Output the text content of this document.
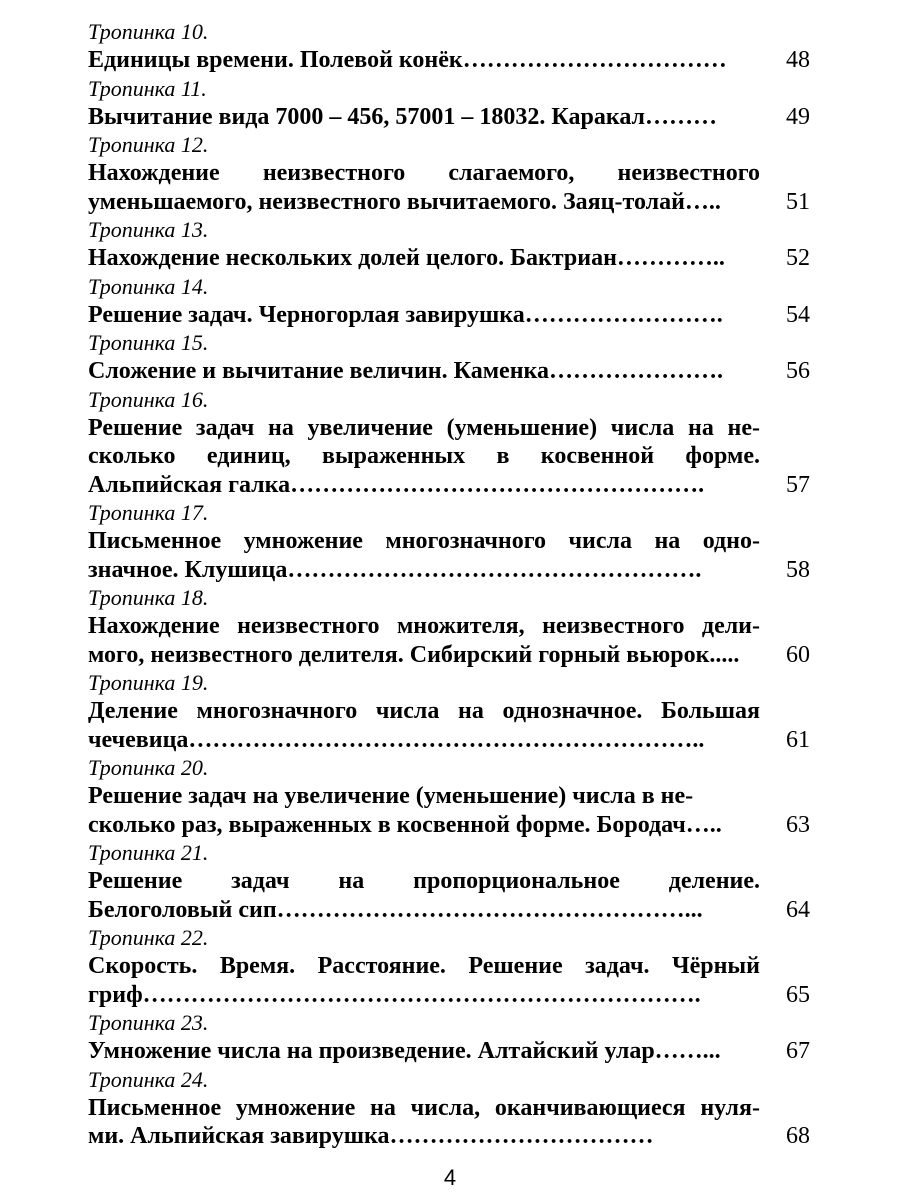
Тропинка 10.
Единицы времени. Полевой конёк……………………………	48
Тропинка 11.
Вычитание вида 7000 – 456, 57001 – 18032. Каракал………	49
Тропинка 12.
Нахождение неизвестного слагаемого, неизвестного
уменьшаемого, неизвестного вычитаемого. Заяц-толай…..	51
Тропинка 13.
Нахождение нескольких долей целого. Бактриан…………..	52
Тропинка 14.
Решение задач. Черногорлая завирушка…………………….	54
Тропинка 15.
Сложение и вычитание величин. Каменка………………….	56
Тропинка 16.
Решение задач на увеличение (уменьшение) числа на не-
сколько единиц, выраженных в косвенной форме.
Альпийская галка…………………………………………….	57
Тропинка 17.
Письменное умножение многозначного числа на одно-
значное. Клушица…………………………………………….	58
Тропинка 18.
Нахождение неизвестного множителя, неизвестного дели-
мого, неизвестного делителя. Сибирский горный вьюрок.....	60
Тропинка 19.
Деление многозначного числа на однозначное. Большая
чечевица………………………………………………………..	61
Тропинка 20.
Решение задач на увеличение (уменьшение) числа в не-
сколько раз, выраженных в косвенной форме. Бородач…..	63
Тропинка 21.
Решение задач на пропорциональное деление.
Белоголовый сип……………………………………………...	64
Тропинка 22.
Скорость. Время. Расстояние. Решение задач. Чёрный
гриф…………………………………………………………….	65
Тропинка 23.
Умножение числа на произведение. Алтайский улар……...	67
Тропинка 24.
Письменное умножение на числа, оканчивающиеся нуля-
ми. Альпийская завирушка……………………………	68
4
